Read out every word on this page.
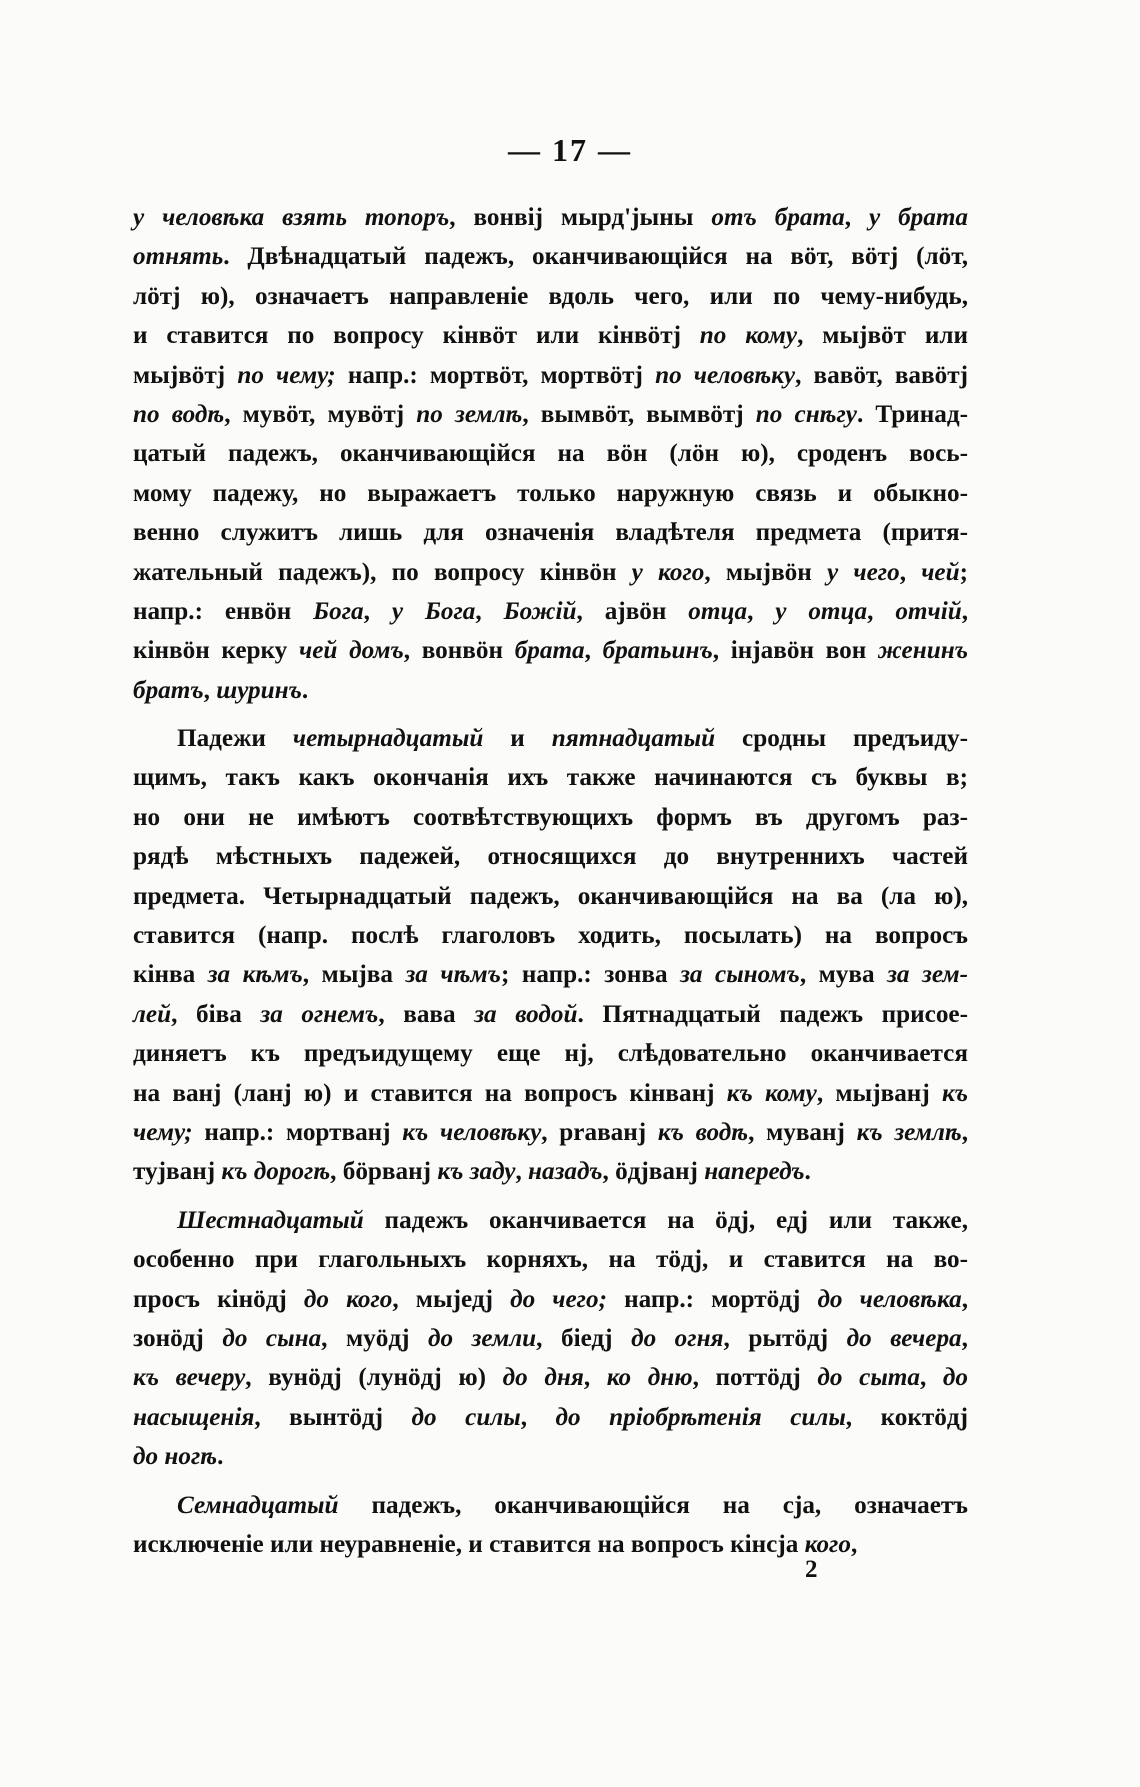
— 17 —
у человѣка взять топоръ, вонвіј мырд'јыны отъ брата, у брата
отнять. Двѣнадцатый падежъ, оканчивающійся на вӧт, вӧтј (лӧт,
лӧтј ю), означаетъ направленіе вдоль чего, или по чему-нибудь,
и ставится по вопросу кінвӧт или кінвӧтј по кому, мыјвӧт или
мыјвӧтј по чему; напр.: мортвӧт, мортвӧтј по человѣку, вавӧт, вавӧтј
по водѣ, мувӧт, мувӧтј по землѣ, вымвӧт, вымвӧтј по снѣгу. Тринад-
цатый падежъ, оканчивающійся на вӧн (лӧн ю), сроденъ вось-
мому падежу, но выражаетъ только наружную связь и обыкно-
венно служитъ лишь для означенія владѣтеля предмета (притя-
жательный падежъ), по вопросу кінвӧн у кого, мыјвӧн у чего, чей;
напр.: енвӧн Бога, у Бога, Божій, ајвӧн отца, у отца, отчій,
кінвӧн керку чей домъ, вонвӧн брата, братьинъ, інјавӧн вон женинъ
братъ, шуринъ.
Падежи четырнадцатый и пятнадцатый сродны предъиду-
щимъ, такъ какъ окончанія ихъ также начинаются съ буквы в;
но они не имѣютъ соотвѣтствующихъ формъ въ другомъ раз-
рядѣ мѣстныхъ падежей, относящихся до внутреннихъ частей
предмета. Четырнадцатый падежъ, оканчивающійся на ва (ла ю),
ставится (напр. послѣ глаголовъ ходить, посылать) на вопросъ
кінва за кѣмъ, мыјва за чѣмъ; напр.: зонва за сыномъ, мува за зем-
лей, біва за огнемъ, вава за водой. Пятнадцатый падежъ присое-
диняетъ къ предъидущему еще нј, слѣдовательно оканчивается
на ванј (ланј ю) и ставится на вопросъ кінванј къ кому, мыјванј къ
чему; напр.: мортванј къ человѣку, praванј къ водѣ, муванј къ землѣ,
тујванј къ дорогѣ, бӧрванј къ заду, назадъ, ӧдјванј напередъ.
Шестнадцатый падежъ оканчивается на ӧдј, едј или также,
особенно при глагольныхъ корняхъ, на тӧдј, и ставится на во-
просъ кінӧдј до кого, мыједј до чего; напр.: мортӧдј до человѣка,
зонӧдј до сына, муӧдј до земли, біедј до огня, рытӧдј до вечера,
къ вечеру, вунӧдј (лунӧдј ю) до дня, ко дню, поттӧдј до сыта, до
насыщенія, вынтӧдј до силы, до пріобрѣтенія силы, коктӧдј
до ногѣ.
Семнадцатый падежъ, оканчивающійся на сја, означаетъ
исключеніе или неуравненіе, и ставится на вопросъ кінсја кого,
2
